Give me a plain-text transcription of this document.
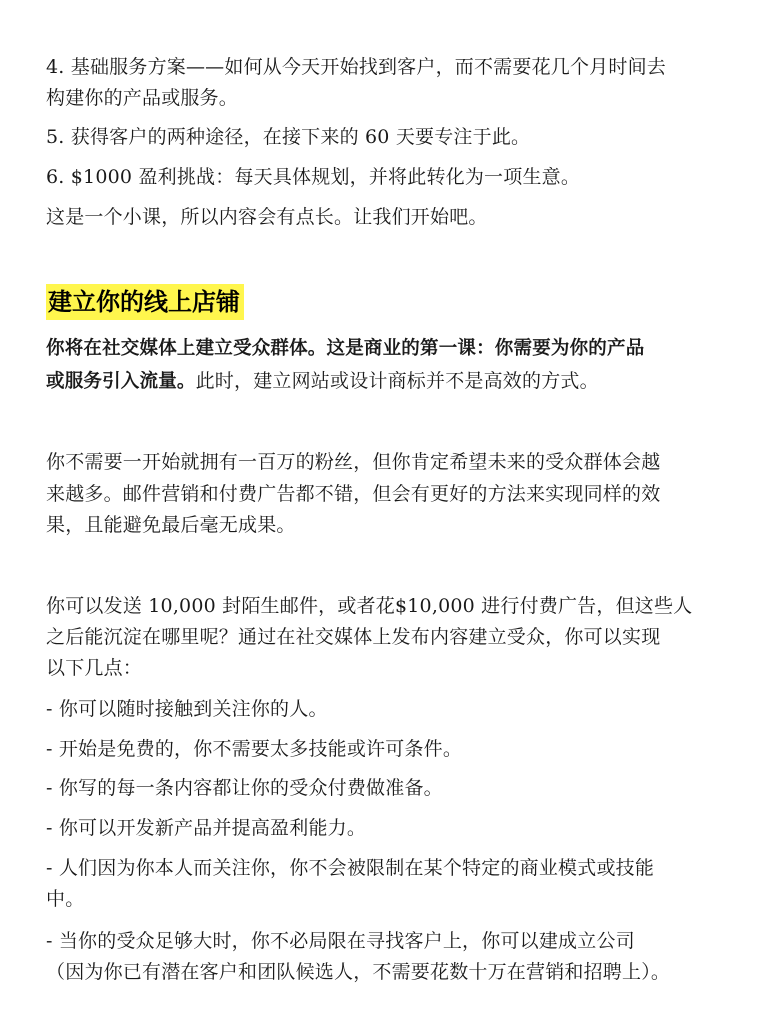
4. 基础服务方案——如何从今天开始找到客户，而不需要花几个月时间去
构建你的产品或服务。
5. 获得客户的两种途径，在接下来的 60 天要专注于此。
6. $1000 盈利挑战：每天具体规划，并将此转化为一项生意。
这是一个小课，所以内容会有点长。让我们开始吧。
建立你的线上店铺
你将在社交媒体上建立受众群体。这是商业的第一课：你需要为你的产品
或服务引入流量。此时，建立网站或设计商标并不是高效的方式。
你不需要一开始就拥有一百万的粉丝，但你肯定希望未来的受众群体会越
来越多。邮件营销和付费广告都不错，但会有更好的方法来实现同样的效
果，且能避免最后毫无成果。
你可以发送 10,000 封陌生邮件，或者花$10,000 进行付费广告，但这些人
之后能沉淀在哪里呢？通过在社交媒体上发布内容建立受众，你可以实现
以下几点：
- 你可以随时接触到关注你的人。
- 开始是免费的，你不需要太多技能或许可条件。
- 你写的每一条内容都让你的受众付费做准备。
- 你可以开发新产品并提高盈利能力。
- 人们因为你本人而关注你，你不会被限制在某个特定的商业模式或技能
中。
- 当你的受众足够大时，你不必局限在寻找客户上，你可以建成立公司
（因为你已有潜在客户和团队候选人，不需要花数十万在营销和招聘上）。
